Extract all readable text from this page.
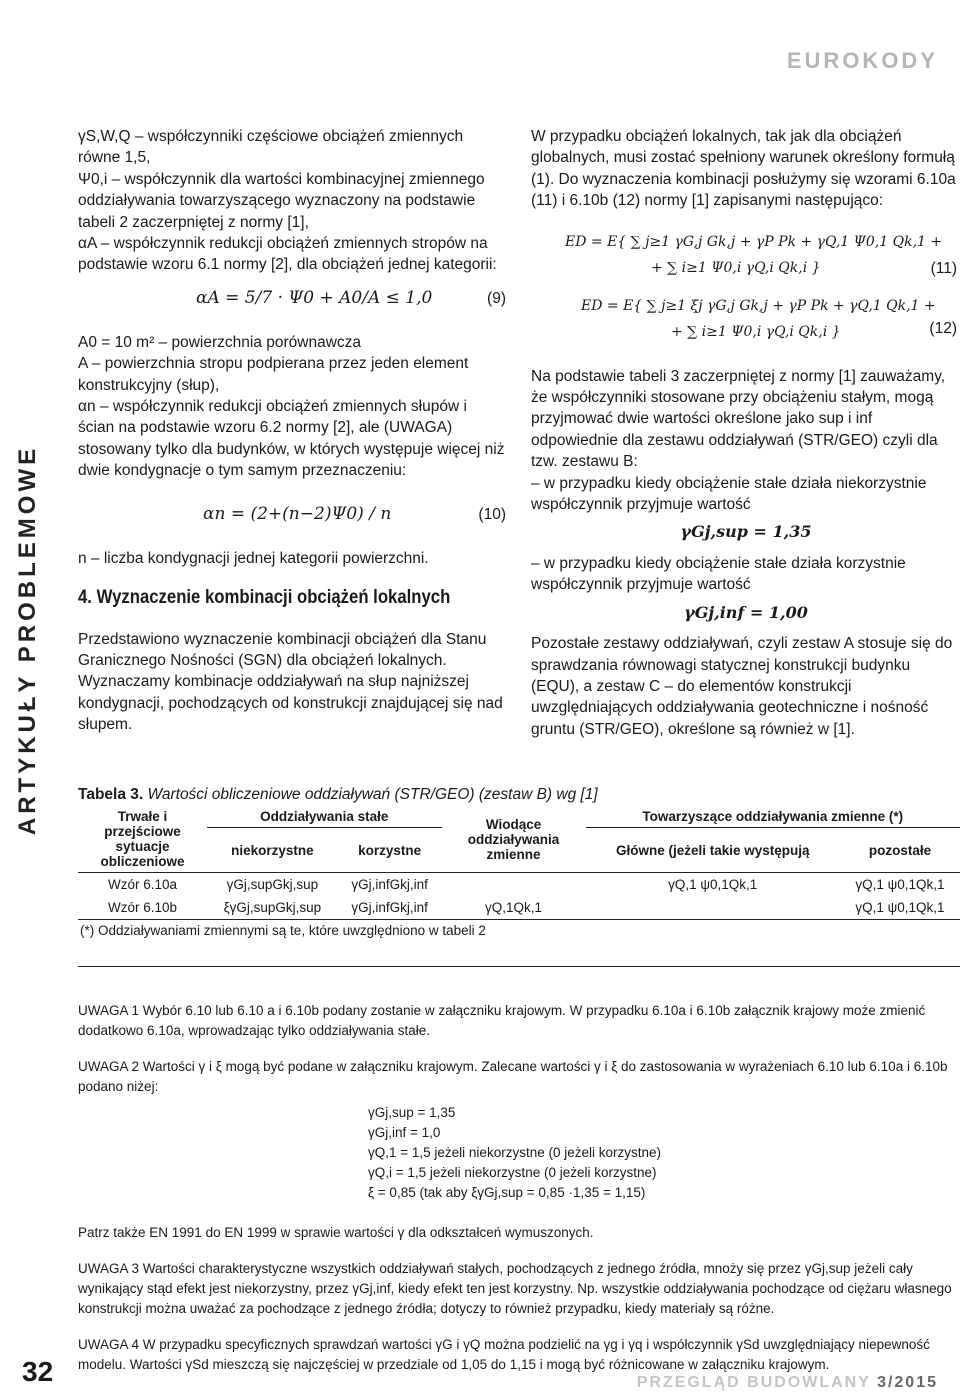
EUROKODY
ARTYKUŁY PROBLEMOWE
32	PRZEGLĄD BUDOWLANY 3/2015

γS,W,Q – współczynniki częściowe obciążeń zmiennych równe 1,5,

Ψ0,i – współczynnik dla wartości kombinacyjnej zmiennego oddziaływania towarzyszącego wyznaczony na podstawie tabeli 2 zaczerpniętej z normy [1],

αA – współczynnik redukcji obciążeń zmiennych stropów na podstawie wzoru 6.1 normy [2], dla obciążeń jednej kategorii:

αA = 5/7 · Ψ0 + A0/A ≤ 1,0	(9)

A0 = 10 m² – powierzchnia porównawcza

A – powierzchnia stropu podpierana przez jeden element konstrukcyjny (słup),

αn – współczynnik redukcji obciążeń zmiennych słupów i ścian na podstawie wzoru 6.2 normy [2], ale (UWAGA) stosowany tylko dla budynków, w których występuje więcej niż dwie kondygnacje o tym samym przeznaczeniu:

αn = (2+(n−2)Ψ0) / n	(10)

n – liczba kondygnacji jednej kategorii powierzchni.

4. Wyznaczenie kombinacji obciążeń lokalnych

Przedstawiono wyznaczenie kombinacji obciążeń dla Stanu Granicznego Nośności (SGN) dla obciążeń lokalnych. Wyznaczamy kombinacje oddziaływań na słup najniższej kondygnacji, pochodzących od konstrukcji znajdującej się nad słupem.

W przypadku obciążeń lokalnych, tak jak dla obciążeń globalnych, musi zostać spełniony warunek określony formułą (1). Do wyznaczenia kombinacji posłużymy się wzorami 6.10a (11) i 6.10b (12) normy [1] zapisanymi następująco:

ED = E{ ∑ j≥1 γG,j Gk,j + γP Pk + γQ,1 Ψ0,1 Qk,1 +
+ ∑ i≥1 Ψ0,i γQ,i Qk,i }	(11)
ED = E{ ∑ j≥1 ξj γG,j Gk,j + γP Pk + γQ,1 Qk,1 +
+ ∑ i≥1 Ψ0,i γQ,i Qk,i }	(12)

Na podstawie tabeli 3 zaczerpniętej z normy [1] zauważamy, że współczynniki stosowane przy obciążeniu stałym, mogą przyjmować dwie wartości określone jako sup i inf odpowiednie dla zestawu oddziaływań (STR/GEO) czyli dla tzw. zestawu B:

– w przypadku kiedy obciążenie stałe działa niekorzystnie współczynnik przyjmuje wartość

γGj,sup = 1,35

– w przypadku kiedy obciążenie stałe działa korzystnie współczynnik przyjmuje wartość

γGj,inf = 1,00

Pozostałe zestawy oddziaływań, czyli zestaw A stosuje się do sprawdzania równowagi statycznej konstrukcji budynku (EQU), a zestaw C – do elementów konstrukcji uwzględniających oddziaływania geotechniczne i nośność gruntu (STR/GEO), określone są również w [1].

Tabela 3. Wartości obliczeniowe oddziaływań (STR/GEO) (zestaw B) wg [1]
Trwałe i przejściowe sytuacje obliczeniowe	Oddziaływania stałe		Wiodące oddziaływania zmienne	Towarzyszące oddziaływania zmienne (*)	
	niekorzystne	korzystne		Główne (jeżeli takie występują	pozostałe

Wzór 6.10a	γGj,supGkj,sup	γGj,infGkj,inf		γQ,1 ψ0,1Qk,1	γQ,1 ψ0,1Qk,1
Wzór 6.10b	ξγGj,supGkj,sup	γGj,infGkj,inf	γQ,1Qk,1		γQ,1 ψ0,1Qk,1
(*) Oddziaływaniami zmiennymi są te, które uwzględniono w tabeli 2					

UWAGA 1 Wybór 6.10 lub 6.10 a i 6.10b podany zostanie w załączniku krajowym. W przypadku 6.10a i 6.10b załącznik krajowy może zmienić dodatkowo 6.10a, wprowadzając tylko oddziaływania stałe.

UWAGA 2 Wartości γ i ξ mogą być podane w załączniku krajowym. Zalecane wartości γ i ξ do zastosowania w wyrażeniach 6.10 lub 6.10a i 6.10b podano niżej:

γGj,sup = 1,35
γGj,inf = 1,0
γQ,1 = 1,5 jeżeli niekorzystne (0 jeżeli korzystne)
γQ,i = 1,5 jeżeli niekorzystne (0 jeżeli korzystne)
ξ = 0,85 (tak aby ξγGj,sup = 0,85 ·1,35 = 1,15)

Patrz także EN 1991 do EN 1999 w sprawie wartości γ dla odkształceń wymuszonych.

UWAGA 3 Wartości charakterystyczne wszystkich oddziaływań stałych, pochodzących z jednego źródła, mnoży się przez γGj,sup jeżeli cały wynikający stąd efekt jest niekorzystny, przez γGj,inf, kiedy efekt ten jest korzystny. Np. wszystkie oddziaływania pochodzące od ciężaru własnego konstrukcji można uważać za pochodzące z jednego źródła; dotyczy to również przypadku, kiedy materiały są różne.

UWAGA 4 W przypadku specyficznych sprawdzań wartości γG i γQ można podzielić na γg i γq i współczynnik γSd uwzględniający niepewność modelu. Wartości γSd mieszczą się najczęściej w przedziale od 1,05 do 1,15 i mogą być różnicowane w załączniku krajowym.
